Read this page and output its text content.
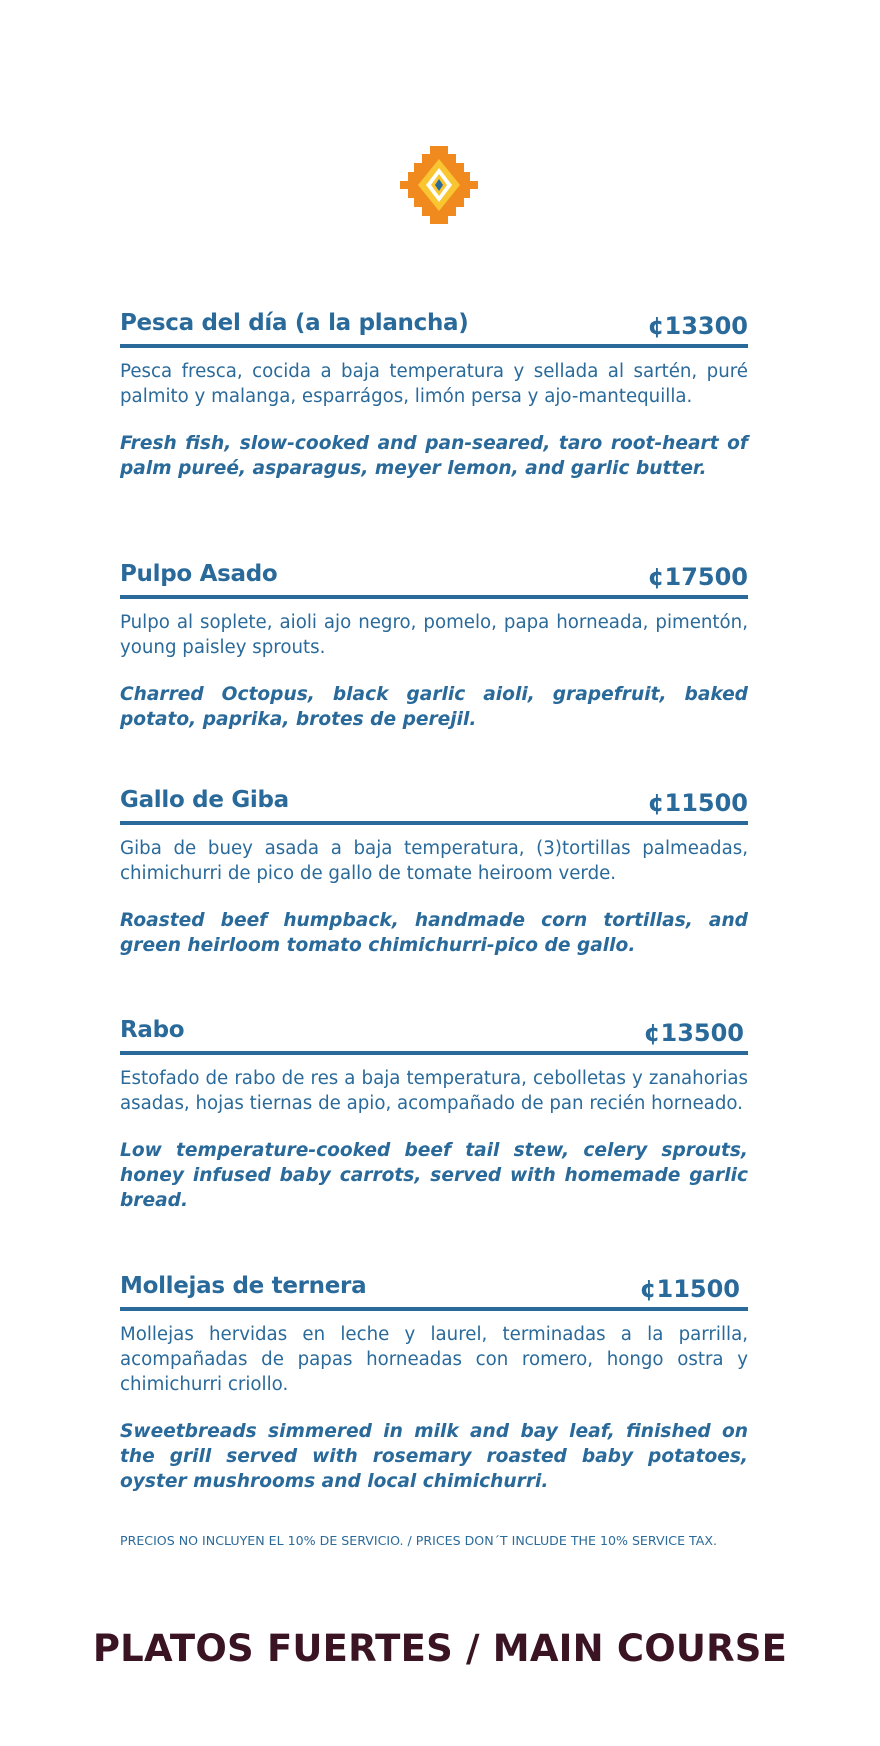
Pesca del día (a la plancha)	¢13300
Pesca fresca, cocida a baja temperatura y sellada al sartén, puré palmito y malanga, esparrágos, limón persa y ajo-mantequilla.
Fresh fish, slow-cooked and pan-seared, taro root-heart of palm pureé, asparagus, meyer lemon, and garlic butter.
Pulpo Asado	¢17500
Pulpo al soplete, aioli ajo negro, pomelo, papa horneada, pimentón, young paisley sprouts.
Charred Octopus, black garlic aioli, grapefruit, baked potato, paprika, brotes de perejil.
Gallo de Giba	¢11500
Giba de buey asada a baja temperatura, (3)tortillas palmeadas, chimichurri de pico de gallo de tomate heiroom verde.
Roasted beef humpback, handmade corn tortillas, and green heirloom tomato chimichurri-pico de gallo.
Rabo	¢13500
Estofado de rabo de res a baja temperatura, cebolletas y zanahorias asadas, hojas tiernas de apio, acompañado de pan recién horneado.
Low temperature-cooked beef tail stew, celery sprouts, honey infused baby carrots, served with homemade garlic bread.
Mollejas de ternera	¢11500
Mollejas hervidas en leche y laurel, terminadas a la parrilla, acompañadas de papas horneadas con romero, hongo ostra y chimichurri criollo.
Sweetbreads simmered in milk and bay leaf, finished on the grill served with rosemary roasted baby potatoes, oyster mushrooms and local chimichurri.
PRECIOS NO INCLUYEN EL 10% DE SERVICIO. / PRICES DON´T INCLUDE THE 10% SERVICE TAX.
PLATOS FUERTES / MAIN COURSE
